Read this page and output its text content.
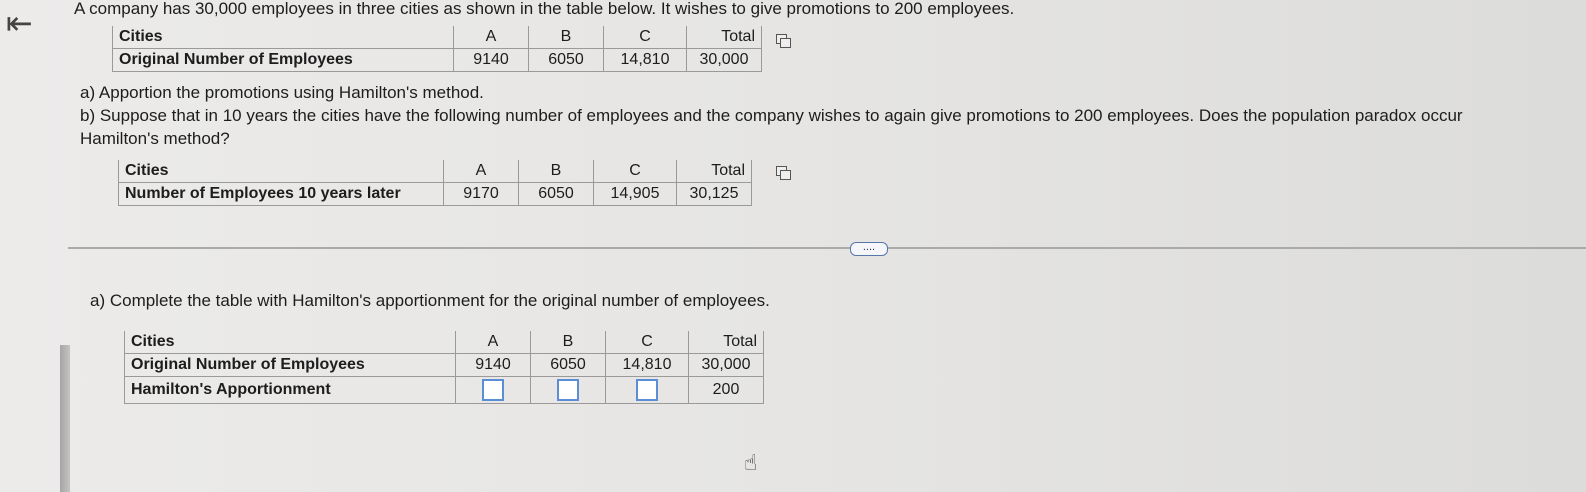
⇤	A company has 30,000 employees in three cities as shown in the table below. It wishes to give promotions to 200 employees.
Cities	A	B	C	Total
Original Number of Employees	9140	6050	14,810	30,000
a) Apportion the promotions using Hamilton's method.
b) Suppose that in 10 years the cities have the following number of employees and the company wishes to again give promotions to 200 employees. Does the population paradox occur
Hamilton's method?
Cities	A	B	C	Total
Number of Employees 10 years later	9170	6050	14,905	30,125
....
a) Complete the table with Hamilton's apportionment for the original number of employees.
Cities	A	B	C	Total
Original Number of Employees	9140	6050	14,810	30,000
Hamilton's Apportionment				200
☝
